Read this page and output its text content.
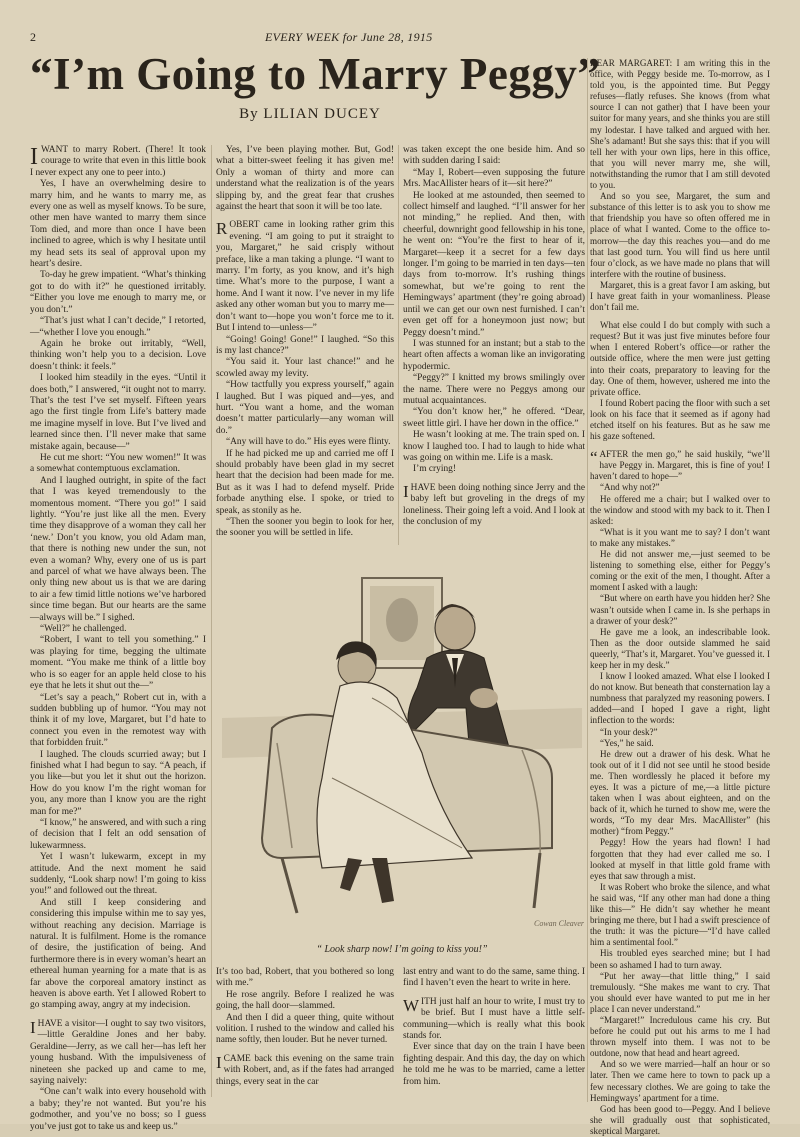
2	EVERY WEEK for June 28, 1915
“I’m Going to Marry Peggy”
By LILIAN DUCEY

IWANT to marry Robert. (There! It took courage to write that even in this little book I never expect any one to peer into.)

Yes, I have an overwhelming desire to marry him, and he wants to marry me, as every one as well as myself knows. To be sure, other men have wanted to marry them since Tom died, and more than once I have been inclined to agree, which is why I hesitate until my head sets its seal of approval upon my heart’s desire.

To-day he grew impatient. “What’s thinking got to do with it?” he questioned irritably. “Either you love me enough to marry me, or you don’t.”

“That’s just what I can’t decide,” I retorted,—“whether I love you enough.”

Again he broke out irritably, “Well, thinking won’t help you to a decision. Love doesn’t think: it feels.”

I looked him steadily in the eyes. “Until it does both,” I answered, “it ought not to marry. That’s the test I’ve set myself. Fifteen years ago the first tingle from Life’s battery made me imagine myself in love. But I’ve lived and learned since then. I’ll never make that same mistake again, because—”

He cut me short: “You new women!” It was a somewhat contemptuous exclamation.

And I laughed outright, in spite of the fact that I was keyed tremendously to the momentous moment. “There you go!” I said lightly. “You’re just like all the men. Every time they disapprove of a woman they call her ‘new.’ Don’t you know, you old Adam man, that there is nothing new under the sun, not even a woman? Why, every one of us is part and parcel of what we have always been. The only thing new about us is that we are daring to air a few timid little notions we’ve harbored since time began. But our hearts are the same—always will be.” I sighed.

“Well?” he challenged.

“Robert, I want to tell you something.” I was playing for time, begging the ultimate moment. “You make me think of a little boy who is so eager for an apple held close to his eye that he lets it shut out the—”

“Let’s say a peach,” Robert cut in, with a sudden bubbling up of humor. “You may not think it of my love, Margaret, but I’d hate to connect you even in the remotest way with that forbidden fruit.”

I laughed. The clouds scurried away; but I finished what I had begun to say. “A peach, if you like—but you let it shut out the horizon. How do you know I’m the right woman for you, any more than I know you are the right man for me?”

“I know,” he answered, and with such a ring of decision that I felt an odd sensation of lukewarmness.

Yet I wasn’t lukewarm, except in my attitude. And the next moment he said suddenly, “Look sharp now! I’m going to kiss you!” and followed out the threat.

And still I keep considering and considering this impulse within me to say yes, without reaching any decision. Marriage is natural. It is fulfilment. Home is the romance of desire, the justification of being. And furthermore there is in every woman’s heart an ethereal human yearning for a mate that is as far above the corporeal amatory instinct as heaven is above earth. Yet I allowed Robert to go stamping away, angry at my indecision.

IHAVE a visitor—I ought to say two visitors,—little Geraldine Jones and her baby. Geraldine—Jerry, as we call her—has left her young husband. With the impulsiveness of nineteen she packed up and came to me, saying naively:

“One can’t walk into every household with a baby; they’re not wanted. But you’re his godmother, and you’ve no boss; so I guess you’ve just got to take us and keep us.”

Yes, I’ve been playing mother. But, God! what a bitter-sweet feeling it has given me! Only a woman of thirty and more can understand what the realization is of the years slipping by, and the great fear that crushes against the heart that soon it will be too late.

ROBERT came in looking rather grim this evening. “I am going to put it straight to you, Margaret,” he said crisply without preface, like a man taking a plunge. “I want to marry. I’m forty, as you know, and it’s high time. What’s more to the purpose, I want a home. And I want it now. I’ve never in my life asked any other woman but you to marry me—don’t want to—hope you won’t force me to it. But I intend to—unless—”

“Going! Going! Gone!” I laughed. “So this is my last chance?”

“You said it. Your last chance!” and he scowled away my levity.

“How tactfully you express yourself,” again I laughed. But I was piqued and—yes, and hurt. “You want a home, and the woman doesn’t matter particularly—any woman will do.”

“Any will have to do.” His eyes were flinty.

If he had picked me up and carried me off I should probably have been glad in my secret heart that the decision had been made for me. But as it was I had to defend myself. Pride forbade anything else. I spoke, or tried to speak, as stonily as he.

“Then the sooner you begin to look for her, the sooner you will be settled in life.

was taken except the one beside him. And so with sudden daring I said:

“May I, Robert—even supposing the future Mrs. MacAllister hears of it—sit here?”

He looked at me astounded, then seemed to collect himself and laughed. “I’ll answer for her not minding,” he replied. And then, with cheerful, downright good fellowship in his tone, he went on: “You’re the first to hear of it, Margaret—keep it a secret for a few days longer. I’m going to be married in ten days—ten days from to-morrow. It’s rushing things somewhat, but we’re going to rent the Hemingways’ apartment (they’re going abroad) until we can get our own nest furnished. I can’t even get off for a honeymoon just now; but Peggy doesn’t mind.”

I was stunned for an instant; but a stab to the heart often affects a woman like an invigorating hypodermic.

“Peggy?” I knitted my brows smilingly over the name. There were no Peggys among our mutual acquaintances.

“You don’t know her,” he offered. “Dear, sweet little girl. I have her down in the office.”

He wasn’t looking at me. The train sped on. I know I laughed too. I had to laugh to hide what was going on within me. Life is a mask.

I’m crying!

IHAVE been doing nothing since Jerry and the baby left but groveling in the dregs of my loneliness. Their going left a void. And I look at the conclusion of my

Cowan Cleaver
“ Look sharp now! I’m going to kiss you!”

It’s too bad, Robert, that you bothered so long with me.”

He rose angrily. Before I realized he was going, the hall door—slammed.

And then I did a queer thing, quite without volition. I rushed to the window and called his name softly, then louder. But he never turned.

ICAME back this evening on the same train with Robert, and, as if the fates had arranged things, every seat in the car

last entry and want to do the same, same thing. I find I haven’t even the heart to write in here.

WITH just half an hour to write, I must try to be brief. But I must have a little self-communing—which is really what this book stands for.

Ever since that day on the train I have been fighting despair. And this day, the day on which he told me he was to be married, came a letter from him.

DEAR MARGARET: I am writing this in the office, with Peggy beside me. To-morrow, as I told you, is the appointed time. But Peggy refuses—flatly refuses. She knows (from what source I can not gather) that I have been your suitor for many years, and she thinks you are still my lodestar. I have talked and argued with her. She’s adamant! But she says this: that if you will tell her with your own lips, here in this office, that you will never marry me, she will, notwithstanding the rumor that I am still devoted to you.

And so you see, Margaret, the sum and substance of this letter is to ask you to show me that friendship you have so often offered me in place of what I wanted. Come to the office to-morrow—the day this reaches you—and do me that last good turn. You will find us here until four o’clock, as we have made no plans that will interfere with the routine of business.

Margaret, this is a great favor I am asking, but I have great faith in your womanliness. Please don’t fail me.

What else could I do but comply with such a request? But it was just five minutes before four when I entered Robert’s office—or rather the outside office, where the men were just getting into their coats, preparatory to leaving for the day. One of them, however, ushered me into the private office.

I found Robert pacing the floor with such a set look on his face that it seemed as if agony had etched itself on his features. But as he saw me his gaze softened.

“ AFTER the men go,” he said huskily, “we’ll have Peggy in. Margaret, this is fine of you! I haven’t dared to hope—”

“And why not?”

He offered me a chair; but I walked over to the window and stood with my back to it. Then I asked:

“What is it you want me to say? I don’t want to make any mistakes.”

He did not answer me,—just seemed to be listening to something else, either for Peggy’s coming or the exit of the men, I thought. After a moment I asked with a laugh:

“But where on earth have you hidden her? She wasn’t outside when I came in. Is she perhaps in a drawer of your desk?”

He gave me a look, an indescribable look. Then as the door outside slammed he said queerly, “That’s it, Margaret. You’ve guessed it. I keep her in my desk.”

I know I looked amazed. What else I looked I do not know. But beneath that consternation lay a numbness that paralyzed my reasoning powers. I added—and I hoped I gave a right, light inflection to the words:

“In your desk?”

“Yes,” he said.

He drew out a drawer of his desk. What he took out of it I did not see until he stood beside me. Then wordlessly he placed it before my eyes. It was a picture of me,—a little picture taken when I was about eighteen, and on the back of it, which he turned to show me, were the words, “To my dear Mrs. MacAllister” (his mother) “from Peggy.”

Peggy! How the years had flown! I had forgotten that they had ever called me so. I looked at myself in that little gold frame with eyes that saw through a mist.

It was Robert who broke the silence, and what he said was, “If any other man had done a thing like this—” He didn’t say whether he meant bringing me there, but I had a swift prescience of the truth: it was the picture—“I’d have called him a sentimental fool.”

His troubled eyes searched mine; but I had been so ashamed I had to turn away.

“Put her away—that little thing,” I said tremulously. “She makes me want to cry. That you should ever have wanted to put me in her place I can never understand.”

“Margaret!” Incredulous came his cry. But before he could put out his arms to me I had thrown myself into them. I was not to be outdone, now that head and heart agreed.

And so we were married—half an hour or so later. Then we came here to town to pack up a few necessary clothes. We are going to take the Hemingways’ apartment for a time.

God has been good to—Peggy. And I believe she will gradually oust that sophisticated, skeptical Margaret.
